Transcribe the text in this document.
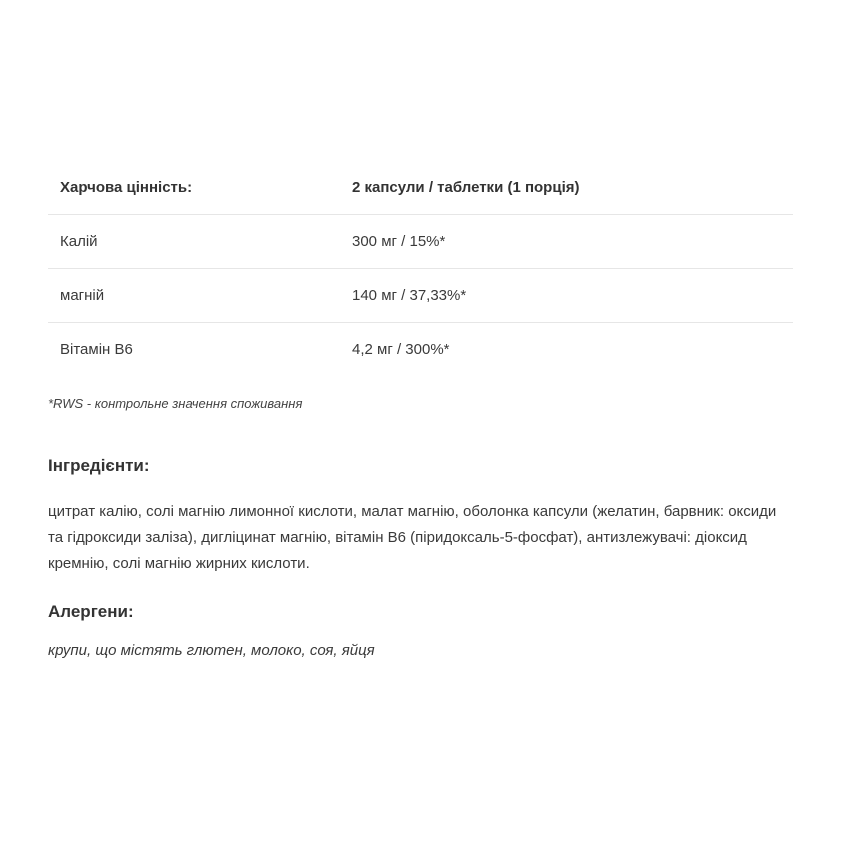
Харчова цінність:	2 капсули / таблетки (1 порція)
Калій	300 мг / 15%*
магній	140 мг / 37,33%*
Вітамін В6	4,2 мг / 300%*
*RWS - контрольне значення споживання
Інгредієнти:
цитрат калію, солі магнію лимонної кислоти, малат магнію, оболонка капсули (желатин, барвник: оксиди та гідроксиди заліза), дигліцинат магнію, вітамін В6 (піридоксаль-5-фосфат), антизлежувачі: діоксид кремнію, солі магнію жирних кислоти.
Алергени:
крупи, що містять глютен, молоко, соя, яйця
